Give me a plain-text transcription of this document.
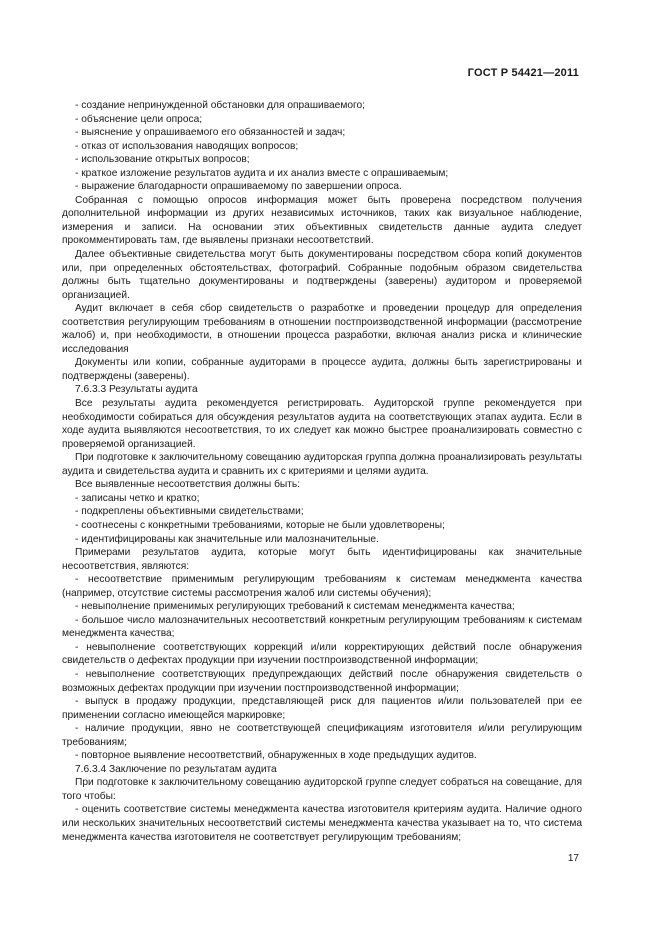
ГОСТ Р 54421—2011

- создание непринужденной обстановки для опрашиваемого;

- объяснение цели опроса;

- выяснение у опрашиваемого его обязанностей и задач;

- отказ от использования наводящих вопросов;

- использование открытых вопросов;

- краткое изложение результатов аудита и их анализ вместе с опрашиваемым;

- выражение благодарности опрашиваемому по завершении опроса.

Собранная с помощью опросов информация может быть проверена посредством получения дополнительной информации из других независимых источников, таких как визуальное наблюдение, измерения и записи. На основании этих объективных свидетельств данные аудита следует прокомментировать там, где выявлены признаки несоответствий.

Далее объективные свидетельства могут быть документированы посредством сбора копий документов или, при определенных обстоятельствах, фотографий. Собранные подобным образом свидетельства должны быть тщательно документированы и подтверждены (заверены) аудитором и проверяемой организацией.

Аудит включает в себя сбор свидетельств о разработке и проведении процедур для определения соответствия регулирующим требованиям в отношении постпроизводственной информации (рассмотрение жалоб) и, при необходимости, в отношении процесса разработки, включая анализ риска и клинические исследования

Документы или копии, собранные аудиторами в процессе аудита, должны быть зарегистрированы и подтверждены (заверены).

7.6.3.3 Результаты аудита

Все результаты аудита рекомендуется регистрировать. Аудиторской группе рекомендуется при необходимости собираться для обсуждения результатов аудита на соответствующих этапах аудита. Если в ходе аудита выявляются несоответствия, то их следует как можно быстрее проанализировать совместно с проверяемой организацией.

При подготовке к заключительному совещанию аудиторская группа должна проанализировать результаты аудита и свидетельства аудита и сравнить их с критериями и целями аудита.

Все выявленные несоответствия должны быть:

- записаны четко и кратко;

- подкреплены объективными свидетельствами;

- соотнесены с конкретными требованиями, которые не были удовлетворены;

- идентифицированы как значительные или малозначительные.

Примерами результатов аудита, которые могут быть идентифицированы как значительные несоответствия, являются:

- несоответствие применимым регулирующим требованиям к системам менеджмента качества (например, отсутствие системы рассмотрения жалоб или системы обучения);

- невыполнение применимых регулирующих требований к системам менеджмента качества;

- большое число малозначительных несоответствий конкретным регулирующим требованиям к системам менеджмента качества;

- невыполнение соответствующих коррекций и/или корректирующих действий после обнаружения свидетельств о дефектах продукции при изучении постпроизводственной информации;

- невыполнение соответствующих предупреждающих действий после обнаружения свидетельств о возможных дефектах продукции при изучении постпроизводственной информации;

- выпуск в продажу продукции, представляющей риск для пациентов и/или пользователей при ее применении согласно имеющейся маркировке;

- наличие продукции, явно не соответствующей спецификациям изготовителя и/или регулирующим требованиям;

- повторное выявление несоответствий, обнаруженных в ходе предыдущих аудитов.

7.6.3.4 Заключение по результатам аудита

При подготовке к заключительному совещанию аудиторской группе следует собраться на совещание, для того чтобы:

- оценить соответствие системы менеджмента качества изготовителя критериям аудита. Наличие одного или нескольких значительных несоответствий системы менеджмента качества указывает на то, что система менеджмента качества изготовителя не соответствует регулирующим требованиям;

17
